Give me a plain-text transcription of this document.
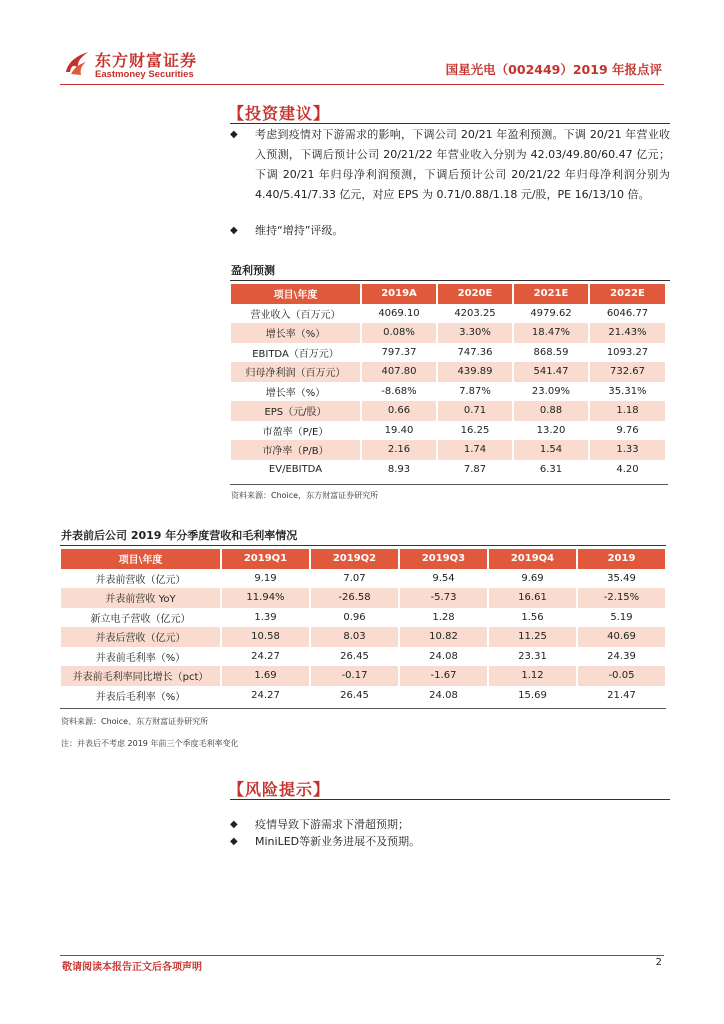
东方财富证券
Eastmoney Securities	国星光电（002449）2019 年报点评
【投资建议】
◆ 考虑到疫情对下游需求的影响，下调公司 20/21 年盈利预测。下调 20/21 年营业收入预测，下调后预计公司 20/21/22 年营业收入分别为 42.03/49.80/60.47 亿元；下调 20/21 年归母净利润预测，下调后预计公司 20/21/22 年归母净利润分别为 4.40/5.41/7.33 亿元，对应 EPS 为 0.71/0.88/1.18 元/股，PE 16/13/10 倍。
◆ 维持“增持”评级。
盈利预测
项目\年度	2019A	2020E	2021E	2022E
营业收入（百万元）	4069.10	4203.25	4979.62	6046.77
增长率（%）	0.08%	3.30%	18.47%	21.43%
EBITDA（百万元）	797.37	747.36	868.59	1093.27
归母净利润（百万元）	407.80	439.89	541.47	732.67
增长率（%）	-8.68%	7.87%	23.09%	35.31%
EPS（元/股）	0.66	0.71	0.88	1.18
市盈率（P/E）	19.40	16.25	13.20	9.76
市净率（P/B）	2.16	1.74	1.54	1.33
EV/EBITDA	8.93	7.87	6.31	4.20
资料来源：Choice，东方财富证券研究所
并表前后公司 2019 年分季度营收和毛利率情况
项目\年度	2019Q1	2019Q2	2019Q3	2019Q4	2019
并表前营收（亿元）	9.19	7.07	9.54	9.69	35.49
并表前营收 YoY	11.94%	-26.58	-5.73	16.61	-2.15%
新立电子营收（亿元）	1.39	0.96	1.28	1.56	5.19
并表后营收（亿元）	10.58	8.03	10.82	11.25	40.69
并表前毛利率（%）	24.27	26.45	24.08	23.31	24.39
并表前毛利率同比增长（pct）	1.69	-0.17	-1.67	1.12	-0.05
并表后毛利率（%）	24.27	26.45	24.08	15.69	21.47
资料来源：Choice、东方财富证券研究所
注：并表后不考虑 2019 年前三个季度毛利率变化
【风险提示】
◆ 疫情导致下游需求下滑超预期；
◆ MiniLED等新业务进展不及预期。
敬请阅读本报告正文后各项声明	2
